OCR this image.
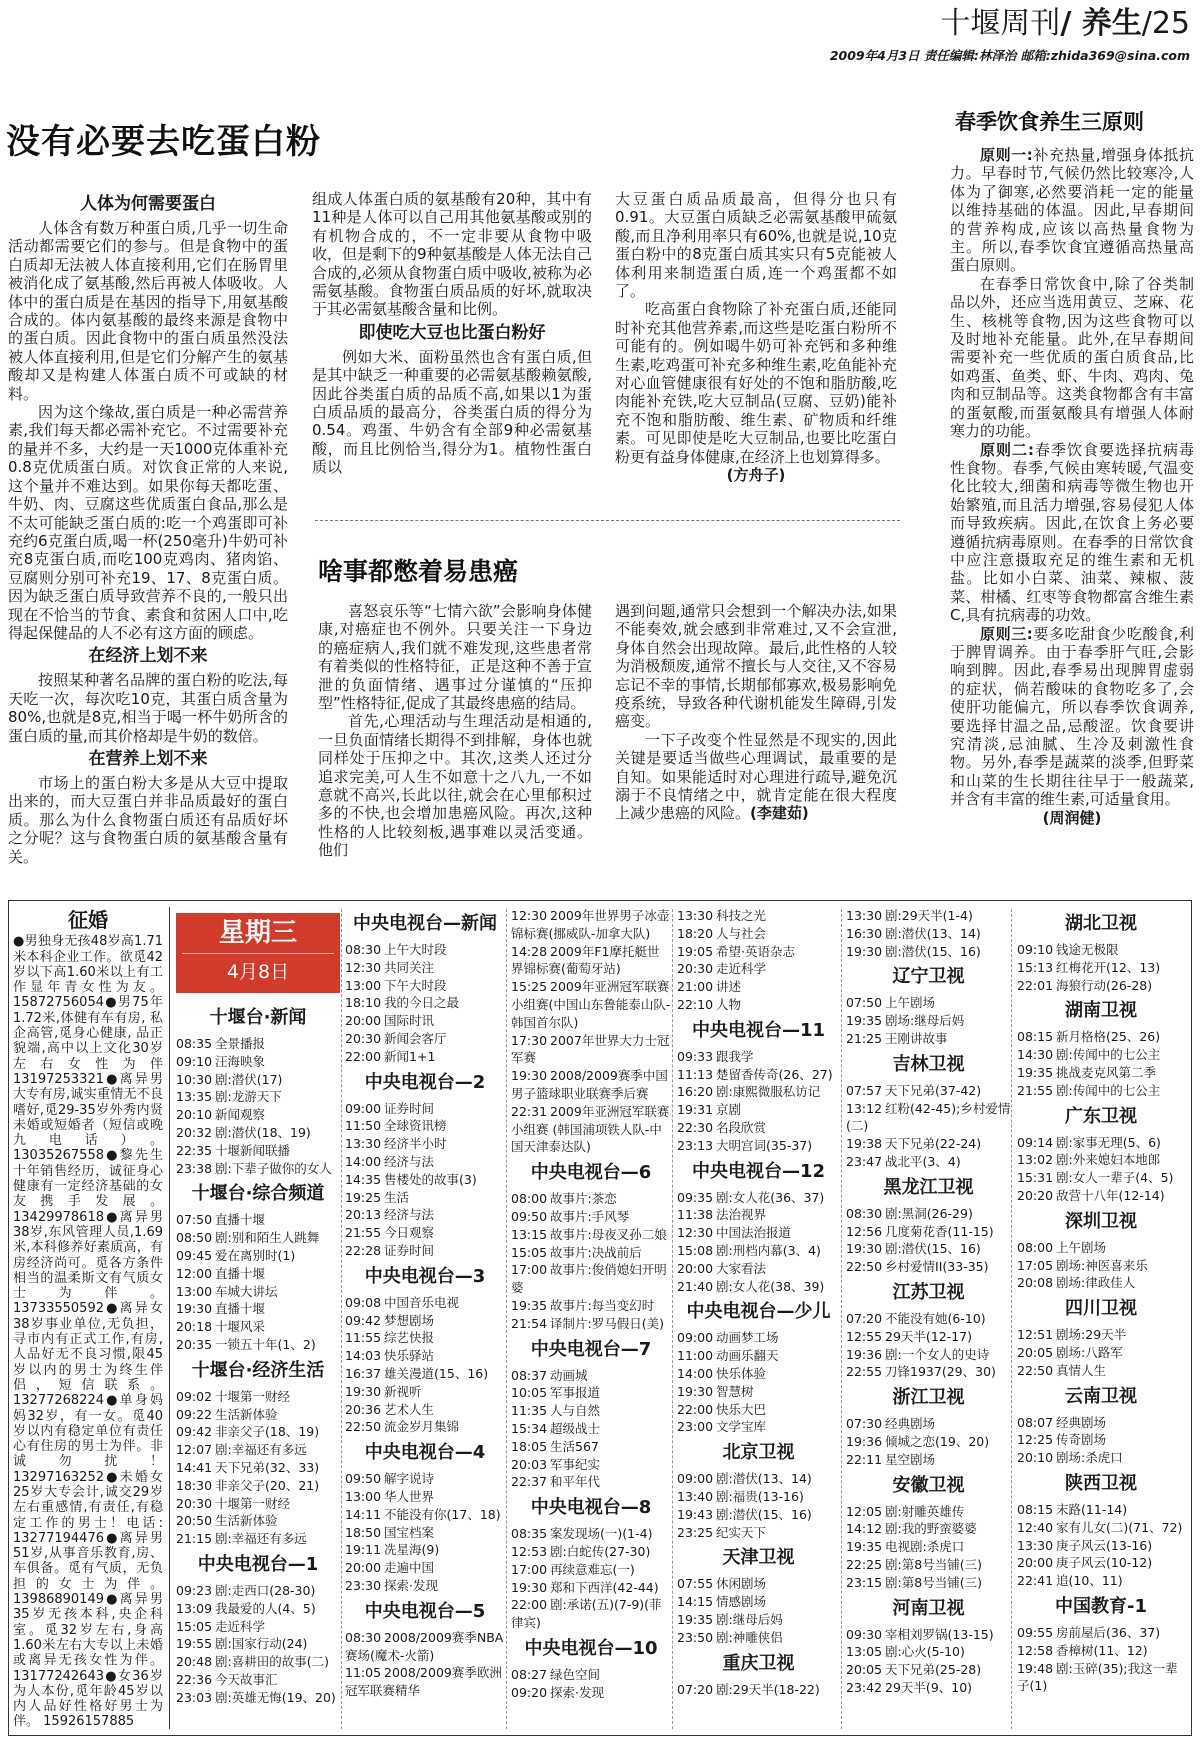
十堰周刊/ 养生/25
2009年4月3日 责任编辑:林泽治 邮箱:zhida369@sina.com
没有必要去吃蛋白粉
人体为何需要蛋白

人体含有数万种蛋白质,几乎一切生命活动都需要它们的参与。但是食物中的蛋白质却无法被人体直接利用,它们在肠胃里被消化成了氨基酸,然后再被人体吸收。人体中的蛋白质是在基因的指导下,用氨基酸合成的。体内氨基酸的最终来源是食物中的蛋白质。因此食物中的蛋白质虽然没法被人体直接利用,但是它们分解产生的氨基酸却又是构建人体蛋白质不可或缺的材料。

因为这个缘故,蛋白质是一种必需营养素,我们每天都必需补充它。不过需要补充的量并不多，大约是一天1000克体重补充0.8克优质蛋白质。对饮食正常的人来说,这个量并不难达到。如果你每天都吃蛋、牛奶、肉、豆腐这些优质蛋白食品,那么是不太可能缺乏蛋白质的:吃一个鸡蛋即可补充约6克蛋白质,喝一杯(250毫升)牛奶可补充8克蛋白质,而吃100克鸡肉、猪肉馅、豆腐则分别可补充19、17、8克蛋白质。因为缺乏蛋白质导致营养不良的,一般只出现在不恰当的节食、素食和贫困人口中,吃得起保健品的人不必有这方面的顾虑。

在经济上划不来

按照某种著名品牌的蛋白粉的吃法,每天吃一次，每次吃10克，其蛋白质含量为80%,也就是8克,相当于喝一杯牛奶所含的蛋白质的量,而其价格却是牛奶的数倍。

在营养上划不来

市场上的蛋白粉大多是从大豆中提取出来的，而大豆蛋白并非品质最好的蛋白质。那么为什么食物蛋白质还有品质好坏之分呢？这与食物蛋白质的氨基酸含量有关。

组成人体蛋白质的氨基酸有20种，其中有11种是人体可以自己用其他氨基酸或别的有机物合成的，不一定非要从食物中吸收，但是剩下的9种氨基酸是人体无法自己合成的,必须从食物蛋白质中吸收,被称为必需氨基酸。食物蛋白质品质的好坏,就取决于其必需氨基酸含量和比例。

即使吃大豆也比蛋白粉好

例如大米、面粉虽然也含有蛋白质,但是其中缺乏一种重要的必需氨基酸赖氨酸,因此谷类蛋白质的品质不高,如果以1为蛋白质品质的最高分，谷类蛋白质的得分为0.54。鸡蛋、牛奶含有全部9种必需氨基酸，而且比例恰当,得分为1。植物性蛋白质以

大豆蛋白质品质最高，但得分也只有0.91。大豆蛋白质缺乏必需氨基酸甲硫氨酸,而且净利用率只有60%,也就是说,10克蛋白粉中的8克蛋白质其实只有5克能被人体利用来制造蛋白质,连一个鸡蛋都不如了。

吃高蛋白食物除了补充蛋白质,还能同时补充其他营养素,而这些是吃蛋白粉所不可能有的。例如喝牛奶可补充钙和多种维生素,吃鸡蛋可补充多种维生素,吃鱼能补充对心血管健康很有好处的不饱和脂肪酸,吃肉能补充铁,吃大豆制品(豆腐、豆奶)能补充不饱和脂肪酸、维生素、矿物质和纤维素。可见即使是吃大豆制品,也要比吃蛋白粉更有益身体健康,在经济上也划算得多。

(方舟子)
啥事都憋着易患癌

喜怒哀乐等“七情六欲”会影响身体健康,对癌症也不例外。只要关注一下身边的癌症病人,我们就不难发现,这些患者常有着类似的性格特征，正是这种不善于宣泄的负面情绪、遇事过分谨慎的“压抑型”性格特征,促成了其最终患癌的结局。

首先,心理活动与生理活动是相通的,一旦负面情绪长期得不到排解，身体也就同样处于压抑之中。其次,这类人还过分追求完美,可人生不如意十之八九,一不如意就不高兴,长此以往,就会在心里郁积过多的不快,也会增加患癌风险。再次,这种性格的人比较刻板,遇事难以灵活变通。他们

遇到问题,通常只会想到一个解决办法,如果不能奏效,就会感到非常难过,又不会宣泄,身体自然会出现故障。最后,此性格的人较为消极颓废,通常不擅长与人交往,又不容易忘记不幸的事情,长期郁郁寡欢,极易影响免疫系统，导致各种代谢机能发生障碍,引发癌变。

一下子改变个性显然是不现实的,因此关键是要适当做些心理调试，最重要的是自知。如果能适时对心理进行疏导,避免沉溺于不良情绪之中，就肯定能在很大程度上减少患癌的风险。(李建茹)

春季饮食养生三原则

原则一:补充热量,增强身体抵抗力。早春时节,气候仍然比较寒冷,人体为了御寒,必然要消耗一定的能量以维持基础的体温。因此,早春期间的营养构成,应该以高热量食物为主。所以,春季饮食宜遵循高热量高蛋白原则。

在春季日常饮食中,除了谷类制品以外，还应当选用黄豆、芝麻、花生、核桃等食物,因为这些食物可以及时地补充能量。此外,在早春期间需要补充一些优质的蛋白质食品,比如鸡蛋、鱼类、虾、牛肉、鸡肉、兔肉和豆制品等。这类食物都含有丰富的蛋氨酸,而蛋氨酸具有增强人体耐寒力的功能。

原则二:春季饮食要选择抗病毒性食物。春季,气候由寒转暖,气温变化比较大,细菌和病毒等微生物也开始繁殖,而且活力增强,容易侵犯人体而导致疾病。因此,在饮食上务必要遵循抗病毒原则。在春季的日常饮食中应注意摄取充足的维生素和无机盐。比如小白菜、油菜、辣椒、菠菜、柑橘、红枣等食物都富含维生素C,具有抗病毒的功效。

原则三:要多吃甜食少吃酸食,利于脾胃调养。由于春季肝气旺,会影响到脾。因此,春季易出现脾胃虚弱的症状，倘若酸味的食物吃多了,会使肝功能偏亢，所以春季饮食调养,要选择甘温之品,忌酸涩。饮食要讲究清淡,忌油腻、生冷及刺激性食物。另外,春季是蔬菜的淡季,但野菜和山菜的生长期往往早于一般蔬菜,并含有丰富的维生素,可适量食用。

(周润健)
征婚
●男独身无孩48岁高1.71米本科企业工作。欲觅42岁以下高1.60米以上有工作显年青女性为友。 15872756054●男75年1.72米,体健有车有房, 私企高管,觅身心健康, 品正貌端,高中以上文化30岁左右女性为伴 13197253321●离异男大专有房,诚实重情无不良嗜好,觅29-35岁外秀内贤未婚或短婚者（短信或晚九电话）。 13035267558●黎先生十年销售经历，诚征身心健康有一定经济基础的女友携手发展。 13429978618●离异男38岁,东风管理人员,1.69米,本科修养好素质高，有房经济尚可。觅各方条件相当的温柔斯文有气质女士为伴。 13733550592●离异女38岁事业单位,无负担，寻市内有正式工作,有房,人品好无不良习惯,限45岁以内的男士为终生伴侣，短信联系。 13277268224●单身妈妈32岁，有一女。觅40岁以内有稳定单位有责任心有住房的男士为伴。非诚勿扰！ 13297163252●未婚女25岁大专会计,诚交29岁左右重感情,有责任,有稳定工作的男士！电话: 13277194476●离异男51岁,从事音乐教育,房、车俱备。觅有气质，无负担的女士为伴。 13986890149●离异男35岁无孩本科,央企科室。觅32岁左右,身高1.60米左右大专以上未婚或离异无孩女性为伴。 13177242643●女36岁为人本份,觅年龄45岁以内人品好性格好男士为伴。 15926157885
星期三
4月8日
十堰台·新闻
08:35 全景播报
09:10 汪海映象
10:30 剧:潜伏(17)
13:35 剧:龙游天下
20:10 新闻观察
20:32 剧:潜伏(18、19)
22:35 十堰新闻联播
23:38 剧:下辈子做你的女人
十堰台·综合频道
07:50 直播十堰
08:50 剧:别和陌生人跳舞
09:45 爱在离别时(1)
12:00 直播十堰
13:00 车城大讲坛
19:30 直播十堰
20:18 十堰风采
20:35 一锁五十年(1、2)
十堰台·经济生活
09:02 十堰第一财经
09:22 生活新体验
09:42 非亲父子(18、19)
12:07 剧:幸福还有多远
14:41 天下兄弟(32、33)
18:30 非亲父子(20、21)
20:30 十堰第一财经
20:50 生活新体验
21:15 剧:幸福还有多远
中央电视台—1
09:23 剧:走西口(28-30)
13:09 我最爱的人(4、5)
15:05 走近科学
19:55 剧:国家行动(24)
20:48 剧:喜耕田的故事(二)
22:36 今天故事汇
23:03 剧:英雄无悔(19、20)
中央电视台—新闻
08:30 上午大时段
12:30 共同关注
13:00 下午大时段
18:10 我的今日之最
20:00 国际时讯
20:30 新闻会客厅
22:00 新闻1+1
中央电视台—2
09:00 证券时间
11:50 全球资讯榜
13:30 经济半小时
14:00 经济与法
14:35 售楼处的故事(3)
19:25 生活
20:13 经济与法
21:55 今日观察
22:28 证券时间
中央电视台—3
09:08 中国音乐电视
09:42 梦想剧场
11:55 综艺快报
14:03 快乐驿站
16:37 雄关漫道(15、16)
19:30 新视听
20:36 艺术人生
22:50 流金岁月集锦
中央电视台—4
09:50 解字说诗
13:00 华人世界
14:11 不能没有你(17、18)
18:50 国宝档案
19:11 冼星海(9)
20:00 走遍中国
23:30 探索·发现
中央电视台—5
08:30 2008/2009赛季NBA赛场(魔术-火箭)
11:05 2008/2009赛季欧洲冠军联赛精华
12:30 2009年世界男子冰壶锦标赛(挪威队-加拿大队)
14:28 2009年F1摩托艇世界锦标赛(葡萄牙站)
15:25 2009年亚洲冠军联赛小组赛(中国山东鲁能泰山队-韩国首尔队)
17:30 2007年世界大力士冠军赛
19:30 2008/2009赛季中国男子篮球职业联赛季后赛
22:31 2009年亚洲冠军联赛小组赛 (韩国浦项铁人队-中国天津泰达队)
中央电视台—6
08:00 故事片:茶恋
09:50 故事片:手风琴
13:15 故事片:母夜叉孙二娘
15:05 故事片:决战前后
17:00 故事片:俊俏媳妇开明婆
19:35 故事片:每当变幻时
21:54 译制片:罗马假日(美)
中央电视台—7
08:37 动画城
10:05 军事报道
11:35 人与自然
15:34 超级战士
18:05 生活567
20:03 军事纪实
22:37 和平年代
中央电视台—8
08:35 案发现场(一)(1-4)
12:53 剧:白蛇传(27-30)
17:00 再续意难忘(一)
19:30 郑和下西洋(42-44)
22:00 剧:承诺(五)(7-9)(菲律宾)
中央电视台—10
08:27 绿色空间
09:20 探索·发现
13:30 科技之光
18:20 人与社会
19:05 希望·英语杂志
20:30 走近科学
21:00 讲述
22:10 人物
中央电视台—11
09:33 跟我学
11:13 楚留香传奇(26、27)
16:20 剧:康熙微服私访记
19:31 京剧
22:30 名段欣赏
23:13 大明宫词(35-37)
中央电视台—12
09:35 剧:女人花(36、37)
11:38 法治视界
12:30 中国法治报道
15:08 剧:刑档内幕(3、4)
20:00 大家看法
21:40 剧:女人花(38、39)
中央电视台—少儿
09:00 动画梦工场
11:00 动画乐翻天
14:00 快乐体验
19:30 智慧树
22:00 快乐大巴
23:00 文学宝库
北京卫视
09:00 剧:潜伏(13、14)
13:40 剧:福贵(13-16)
19:43 剧:潜伏(15、16)
23:25 纪实天下
天津卫视
07:55 休闲剧场
14:15 情感剧场
19:35 剧:继母后妈
23:50 剧:神雕侠侣
重庆卫视
07:20 剧:29天半(18-22)
13:30 剧:29天半(1-4)
16:30 剧:潜伏(13、14)
19:30 剧:潜伏(15、16)
辽宁卫视
07:50 上午剧场
19:35 剧场:继母后妈
21:25 王刚讲故事
吉林卫视
07:57 天下兄弟(37-42)
13:12 红粉(42-45);乡村爱情(二)
19:38 天下兄弟(22-24)
23:47 战北平(3、4)
黑龙江卫视
08:30 剧:黑洞(26-29)
12:56 几度菊花香(11-15)
19:30 剧:潜伏(15、16)
22:50 乡村爱情II(33-35)
江苏卫视
07:20 不能没有她(6-10)
12:55 29天半(12-17)
19:36 剧:一个女人的史诗
22:55 刀锋1937(29、30)
浙江卫视
07:30 经典剧场
19:36 倾城之恋(19、20)
22:11 星空剧场
安徽卫视
12:05 剧:射雕英雄传
14:12 剧:我的野蛮婆婆
19:35 电视剧:杀虎口
22:25 剧:第8号当铺(三)
23:15 剧:第8号当铺(三)
河南卫视
09:30 宰相刘罗锅(13-15)
13:05 剧:心火(5-10)
20:05 天下兄弟(25-28)
23:42 29天半(9、10)
湖北卫视
09:10 钱途无极限
15:13 红梅花开(12、13)
22:01 海狼行动(26-28)
湖南卫视
08:15 新月格格(25、26)
14:30 剧:传闻中的七公主
19:35 挑战麦克风第二季
21:55 剧:传闻中的七公主
广东卫视
09:14 剧:家事无理(5、6)
13:02 剧:外来媳妇本地郎
15:31 剧:女人一辈子(4、5)
20:20 敌营十八年(12-14)
深圳卫视
08:00 上午剧场
17:05 剧场:神医喜来乐
20:08 剧场:律政佳人
四川卫视
12:51 剧场:29天半
20:05 剧场:八路军
22:50 真情人生
云南卫视
08:07 经典剧场
12:25 传奇剧场
20:10 剧场:杀虎口
陕西卫视
08:15 末路(11-14)
12:40 家有儿女(二)(71、72)
13:30 庚子风云(13-16)
20:00 庚子风云(10-12)
22:41 追(10、11)
中国教育-1
09:55 房前屋后(36、37)
12:58 香樟树(11、12)
19:48 剧:玉碎(35);我这一辈子(1)
